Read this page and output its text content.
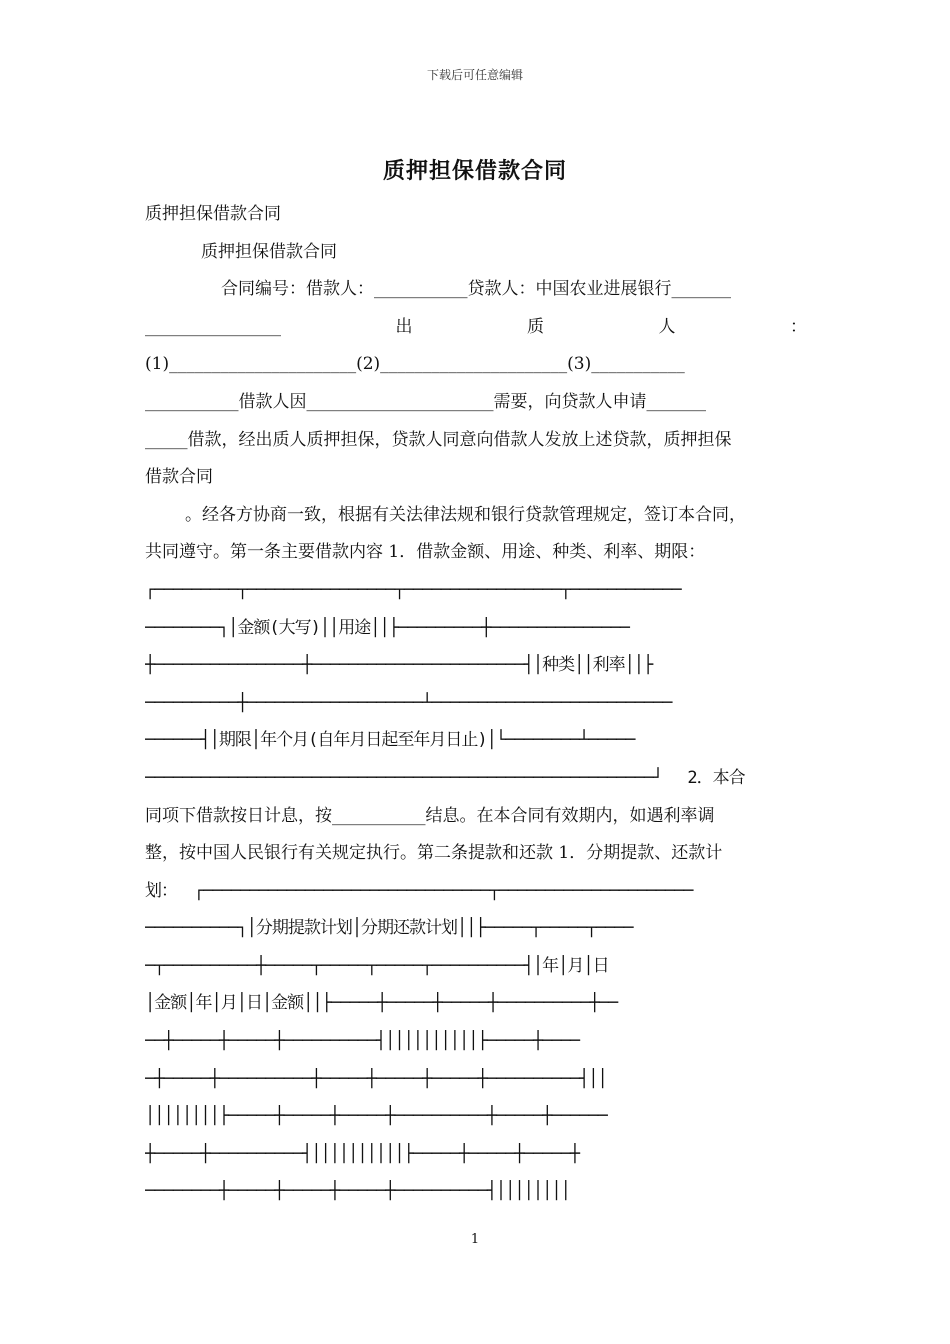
下载后可任意编辑
质押担保借款合同
质押担保借款合同
质押担保借款合同
合同编号：借款人：___________贷款人：中国农业进展银行_______
________________	出	质	人	：
(1)______________________(2)______________________(3)___________
___________借款人因______________________需要，向贷款人申请_______
_____借款，经出质人质押担保，贷款人同意向借款人发放上述贷款，质押担保
借款合同
。经各方协商一致，根据有关法律法规和银行贷款管理规定，签订本合同，
共同遵守。第一条主要借款内容 1．借款金额、用途、种类、利率、期限：
┌─────────┬────────────────┬─────────────────┬────────────
────────┐│金额(大写)││用途││├─────────┼───────────────
┼────────────────┼───────────────────────┤│种类││利率││├
──────────┼───────────────────┴──────────────────────────
──────┤│期限│年个月(自年月日起至年月日止)│└────────┴─────
───────────────────────────────────────────────────────┘　 2．本合
同项下借款按日计息，按___________结息。在本合同有效期内，如遇利率调
整，按中国人民银行有关规定执行。第二条提款和还款 1．分期提款、还款计
划：　 ┌───────────────────────────────┬─────────────────────
──────────┐│分期提款计划│分期还款计划││├─────┬─────┬────
─┬──────────┼─────┬─────┬─────┬──────────┤│年│月│日
│金额│年│月│日│金额││├─────┼─────┼─────┼──────────┼──
──┼─────┼─────┼──────────┤││││││││││├─────┼────
─┼─────┼──────────┼─────┼─────┼─────┼──────────┤││
││││││││├─────┼─────┼─────┼──────────┼─────┼──────
┼─────┼──────────┤││││││││││├─────┼─────┼─────┼
────────┼─────┼─────┼─────┼──────────┤││││││││
1
